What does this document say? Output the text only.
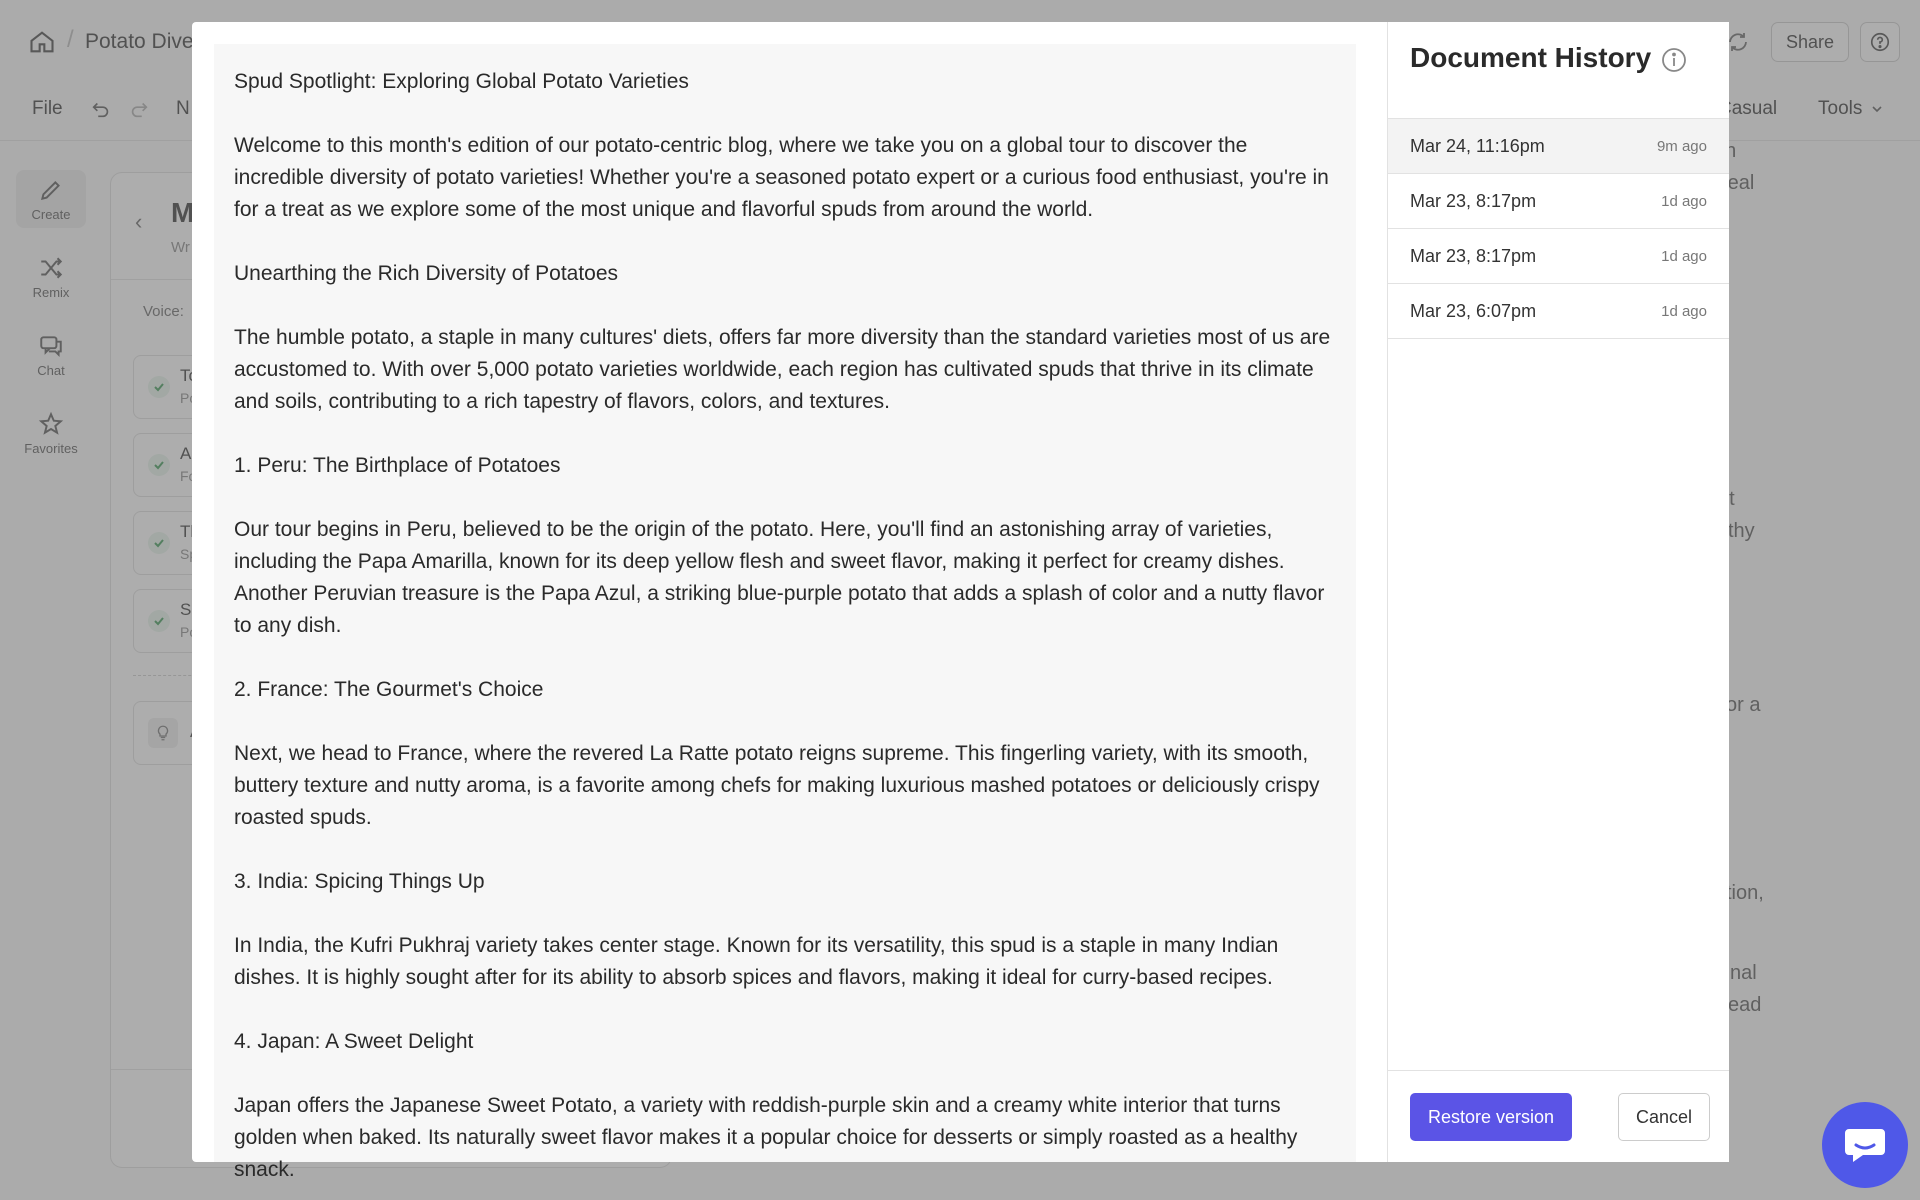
Spud Spotlight: Exploring Global Potato Varieties

Welcome to this month's edition of our potato-centric blog, where we take you on a global tour to discover the incredible diversity of potato varieties! Whether you're a seasoned potato expert or a curious food enthusiast, you're in for a treat as we explore some of the most unique and flavorful spuds from around the world.

Unearthing the Rich Diversity of Potatoes

The humble potato, a staple in many cultures' diets, offers far more diversity than the standard varieties most of us are accustomed to. With over 5,000 potato varieties worldwide, each region has cultivated spuds that thrive in its climate and soils, contributing to a rich tapestry of flavors, colors, and textures.

1. Peru: The Birthplace of Potatoes

Our tour begins in Peru, believed to be the origin of the potato. Here, you'll find an astonishing array of varieties, including the Papa Amarilla, known for its deep yellow flesh and sweet flavor, making it perfect for creamy dishes. Another Peruvian treasure is the Papa Azul, a striking blue-purple potato that adds a splash of color and a nutty flavor to any dish.

2. France: The Gourmet's Choice

Next, we head to France, where the revered La Ratte potato reigns supreme. This fingerling variety, with its smooth, buttery texture and nutty aroma, is a favorite among chefs for making luxurious mashed potatoes or deliciously crispy roasted spuds.

3. India: Spicing Things Up

In India, the Kufri Pukhraj variety takes center stage. Known for its versatility, this spud is a staple in many Indian dishes. It is highly sought after for its ability to absorb spices and flavors, making it ideal for curry-based recipes.

4. Japan: A Sweet Delight

Japan offers the Japanese Sweet Potato, a variety with reddish-purple skin and a creamy white interior that turns golden when baked. Its naturally sweet flavor makes it a popular choice for desserts or simply roasted as a healthy snack.

Document History
Mar 24, 11:16pm	9m ago
Mar 23, 8:17pm	1d ago
Mar 23, 8:17pm	1d ago
Mar 23, 6:07pm	1d ago
Restore version	Cancel
